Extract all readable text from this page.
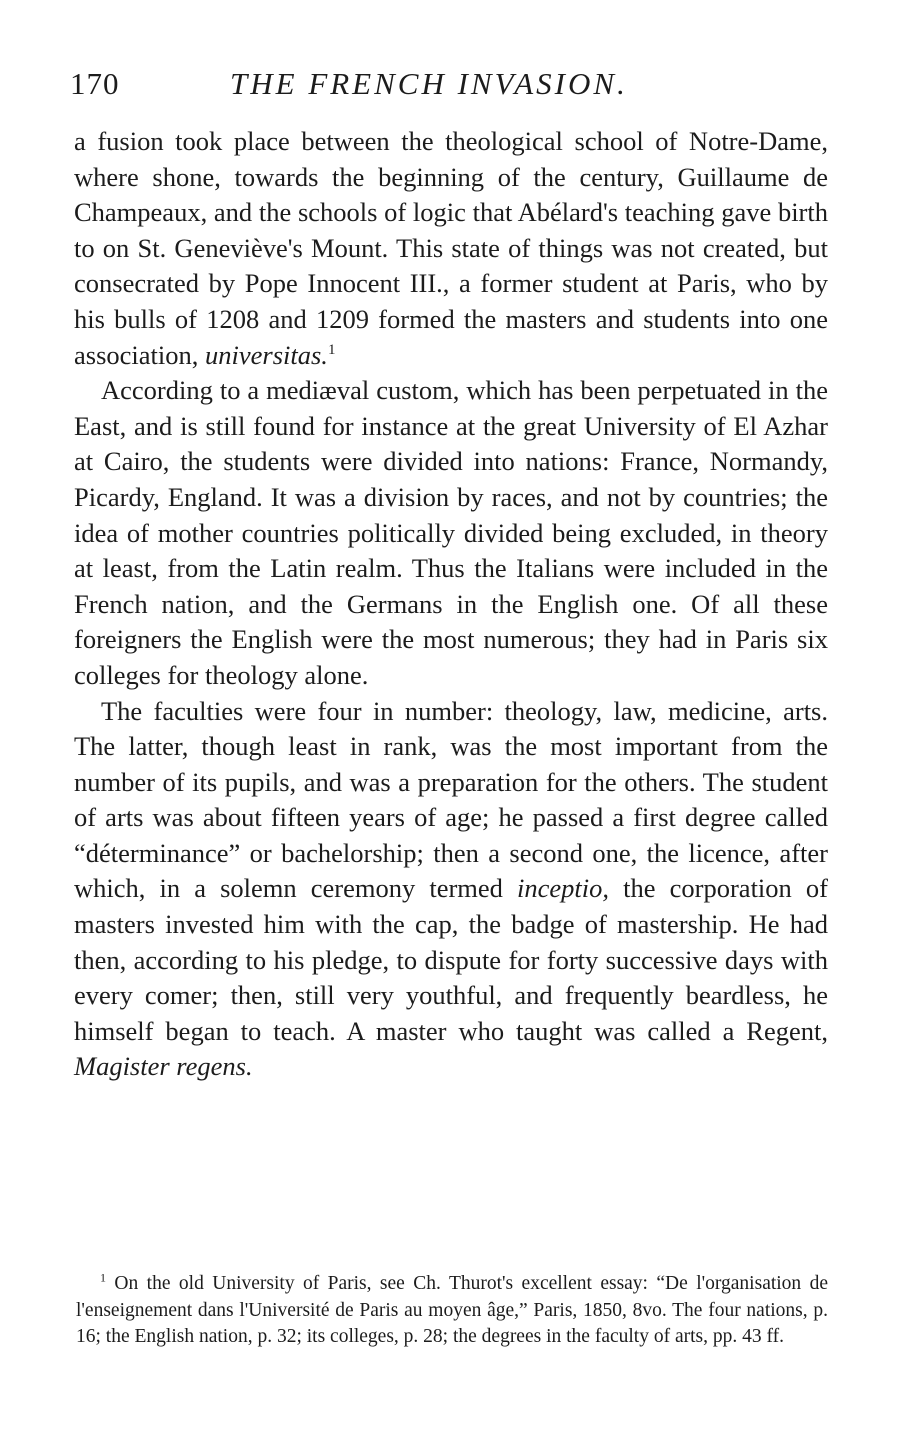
170	THE FRENCH INVASION.

a fusion took place between the theological school of Notre-Dame, where shone, towards the beginning of the century, Guillaume de Champeaux, and the schools of logic that Abélard's teaching gave birth to on St. Geneviève's Mount. This state of things was not created, but consecrated by Pope Innocent III., a former student at Paris, who by his bulls of 1208 and 1209 formed the masters and students into one association, universitas.$^1$

According to a mediæval custom, which has been perpetuated in the East, and is still found for instance at the great University of El Azhar at Cairo, the students were divided into nations: France, Normandy, Picardy, England. It was a division by races, and not by countries; the idea of mother countries politically divided being excluded, in theory at least, from the Latin realm. Thus the Italians were included in the French nation, and the Germans in the English one. Of all these foreigners the English were the most numerous; they had in Paris six colleges for theology alone.

The faculties were four in number: theology, law, medicine, arts. The latter, though least in rank, was the most important from the number of its pupils, and was a preparation for the others. The student of arts was about fifteen years of age; he passed a first degree called “déterminance” or bachelorship; then a second one, the licence, after which, in a solemn ceremony termed inceptio, the corporation of masters invested him with the cap, the badge of mastership. He had then, according to his pledge, to dispute for forty successive days with every comer; then, still very youthful, and frequently beardless, he himself began to teach. A master who taught was called a Regent, Magister regens.

$^1$ On the old University of Paris, see Ch. Thurot's excellent essay: “De l'organisation de l'enseignement dans l'Université de Paris au moyen âge,” Paris, 1850, 8vo. The four nations, p. 16; the English nation, p. 32; its colleges, p. 28; the degrees in the faculty of arts, pp. 43 ff.
